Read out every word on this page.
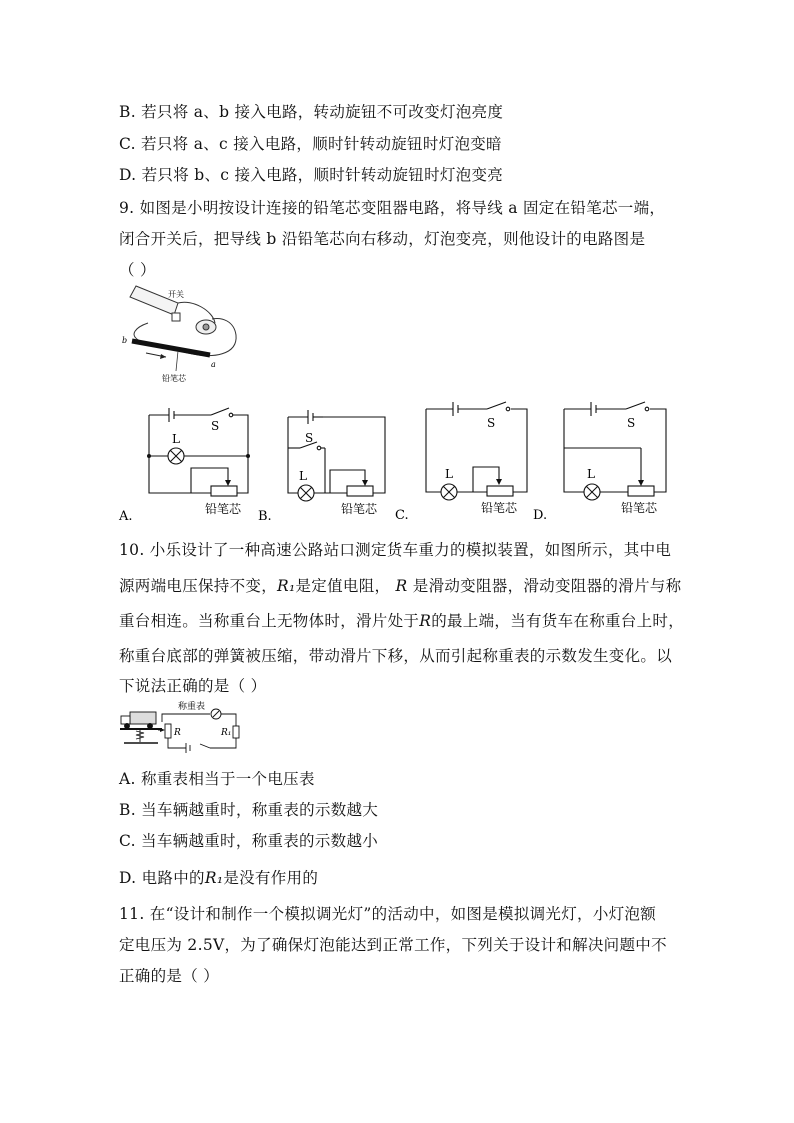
B. 若只将 a、b 接入电路，转动旋钮不可改变灯泡亮度
C. 若只将 a、c 接入电路，顺时针转动旋钮时灯泡变暗
D. 若只将 b、c 接入电路，顺时针转动旋钮时灯泡变亮
9. 如图是小明按设计连接的铅笔芯变阻器电路，将导线 a 固定在铅笔芯一端，
闭合开关后，把导线 b 沿铅笔芯向右移动，灯泡变亮，则他设计的电路图是
（ ）
开关
b
a
铅笔芯
L
S
铅笔芯
A.
S
L
铅笔芯
B.
L
S
铅笔芯
C.
L
S
铅笔芯
D.
10. 小乐设计了一种高速公路站口测定货车重力的模拟装置，如图所示，其中电
源两端电压保持不变，R₁是定值电阻， R 是滑动变阻器，滑动变阻器的滑片与称
重台相连。当称重台上无物体时，滑片处于R的最上端，当有货车在称重台上时，
称重台底部的弹簧被压缩，带动滑片下移，从而引起称重表的示数发生变化。以
下说法正确的是（ ）
称重表
R	R₁
A. 称重表相当于一个电压表
B. 当车辆越重时，称重表的示数越大
C. 当车辆越重时，称重表的示数越小
D. 电路中的R₁是没有作用的
11. 在“设计和制作一个模拟调光灯”的活动中，如图是模拟调光灯，小灯泡额
定电压为 2.5V，为了确保灯泡能达到正常工作，下列关于设计和解决问题中不
正确的是（ ）
